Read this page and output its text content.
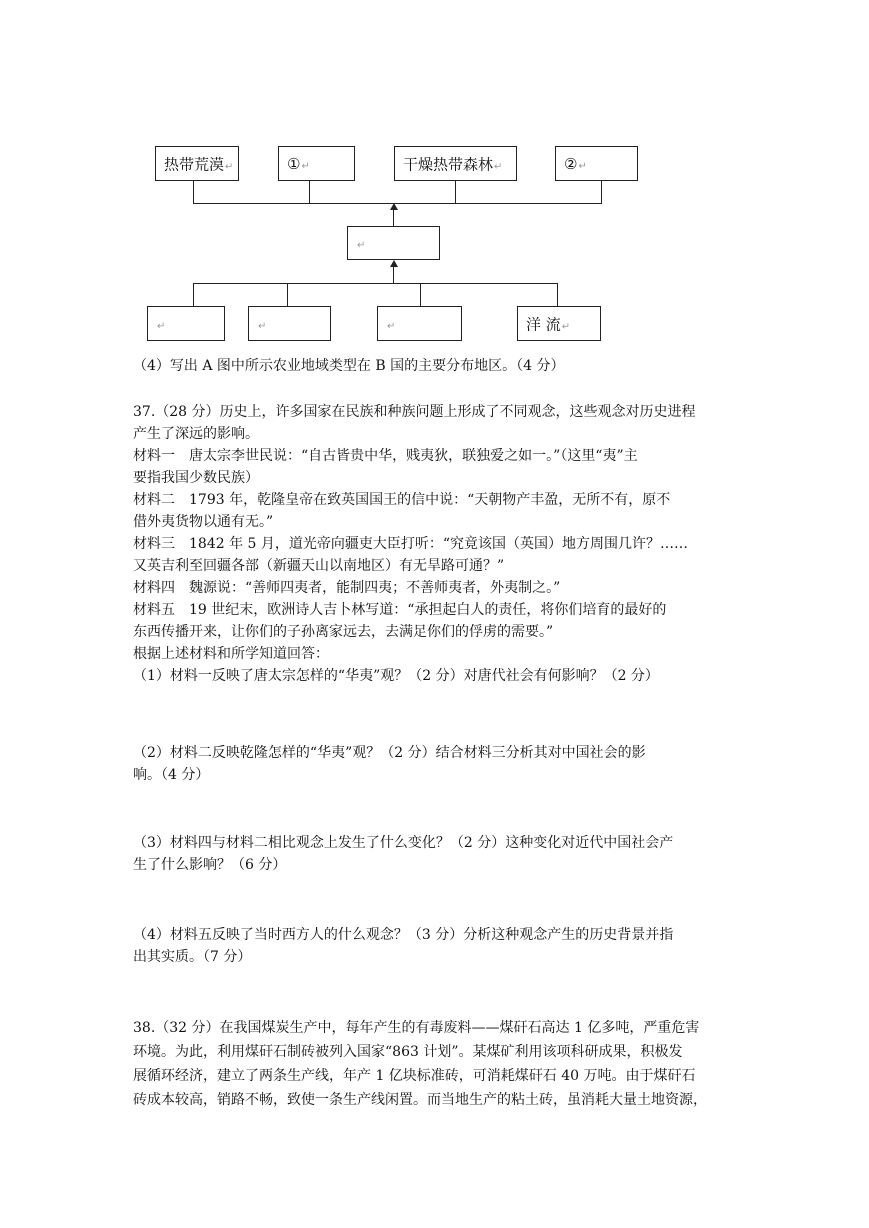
热带荒漠↵	①↵	干燥热带森林↵	②↵
↵
↵	↵	↵	洋 流↵

（4）写出 A 图中所示农业地域类型在 B 国的主要分布地区。（4 分）

37.（28 分）历史上，许多国家在民族和种族问题上形成了不同观念，这些观念对历史进程

产生了深远的影响。

材料一　唐太宗李世民说：“自古皆贵中华，贱夷狄，联独爱之如一。”（这里“夷”主

要指我国少数民族）

材料二　1793 年，乾隆皇帝在致英国国王的信中说：“天朝物产丰盈，无所不有，原不

借外夷货物以通有无。”

材料三　1842 年 5 月，道光帝向疆吏大臣打听：“究竟该国（英国）地方周围几许？……

又英吉利至回疆各部（新疆天山以南地区）有无旱路可通？”

材料四　魏源说：“善师四夷者，能制四夷；不善师夷者，外夷制之。”

材料五　19 世纪末，欧洲诗人吉卜林写道：“承担起白人的责任，将你们培育的最好的

东西传播开来，让你们的子孙离家远去，去满足你们的俘虏的需要。”

根据上述材料和所学知道回答：

（1）材料一反映了唐太宗怎样的“华夷”观？（2 分）对唐代社会有何影响？（2 分）

（2）材料二反映乾隆怎样的“华夷”观？（2 分）结合材料三分析其对中国社会的影

响。（4 分）

（3）材料四与材料二相比观念上发生了什么变化？（2 分）这种变化对近代中国社会产

生了什么影响？（6 分）

（4）材料五反映了当时西方人的什么观念？（3 分）分析这种观念产生的历史背景并指

出其实质。（7 分）

38.（32 分）在我国煤炭生产中，每年产生的有毒废料——煤矸石高达 1 亿多吨，严重危害

环境。为此，利用煤矸石制砖被列入国家“863 计划”。某煤矿利用该项科研成果，积极发

展循环经济，建立了两条生产线，年产 1 亿块标准砖，可消耗煤矸石 40 万吨。由于煤矸石

砖成本较高，销路不畅，致使一条生产线闲置。而当地生产的粘土砖，虽消耗大量土地资源，
